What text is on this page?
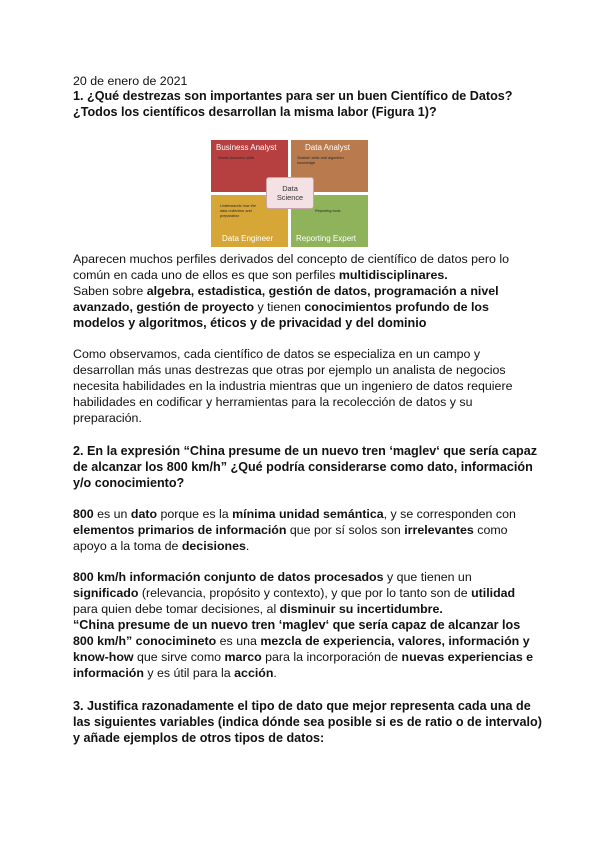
20 de enero de 2021
1. ¿Qué destrezas son importantes para ser un buen Científico de Datos?
¿Todos los científicos desarrollan la misma labor (Figura 1)?
Business Analyst
Needs business skills
Data Analyst
Statistic skills and algorithm
knowledge
Understands how the
data collection and
preparation
Data Engineer
Reporting tools
Reporting Expert
Data
Science
Aparecen muchos perfiles derivados del concepto de científico de datos pero lo
común en cada uno de ellos es que son perfiles multidisciplinares.
Saben sobre algebra, estadistica, gestión de datos, programación a nivel
avanzado, gestión de proyecto y tienen conocimientos profundo de los
modelos y algoritmos, éticos y de privacidad y del dominio
Como observamos, cada científico de datos se especializa en un campo y
desarrollan más unas destrezas que otras por ejemplo un analista de negocios
necesita habilidades en la industria mientras que un ingeniero de datos requiere
habilidades en codificar y herramientas para la recolección de datos y su
preparación.
2. En la expresión “China presume de un nuevo tren ‘maglev‘ que sería capaz
de alcanzar los 800 km/h” ¿Qué podría considerarse como dato, información
y/o conocimiento?
800 es un dato porque es la mínima unidad semántica, y se corresponden con
elementos primarios de información que por sí solos son irrelevantes como
apoyo a la toma de decisiones.
800 km/h información conjunto de datos procesados y que tienen un
significado (relevancia, propósito y contexto), y que por lo tanto son de utilidad
para quien debe tomar decisiones, al disminuir su incertidumbre.
“China presume de un nuevo tren ‘maglev‘ que sería capaz de alcanzar los
800 km/h” conocimineto es una mezcla de experiencia, valores, información y
know-how que sirve como marco para la incorporación de nuevas experiencias e
información y es útil para la acción.
3. Justifica razonadamente el tipo de dato que mejor representa cada una de
las siguientes variables (indica dónde sea posible si es de ratio o de intervalo)
y añade ejemplos de otros tipos de datos:
